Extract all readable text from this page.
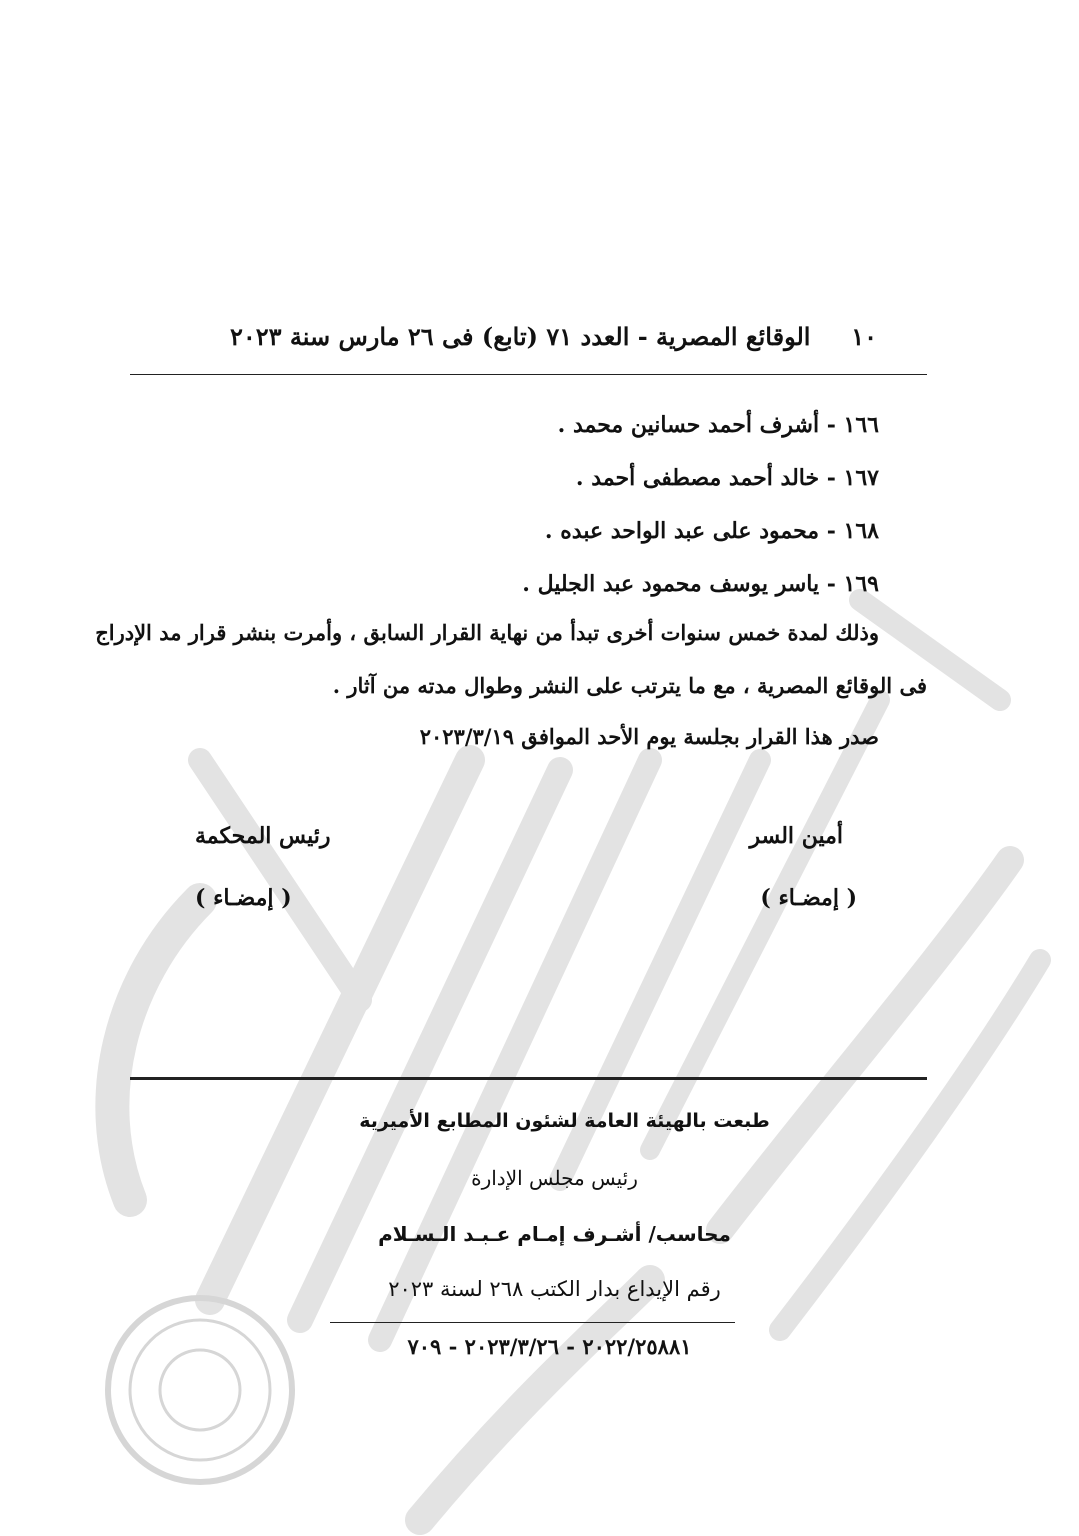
١٠
الوقائع المصرية - العدد ٧١ (تابع) فى ٢٦ مارس سنة ٢٠٢٣
١٦٦ - أشرف أحمد حسانين محمد .
١٦٧ - خالد أحمد مصطفى أحمد .
١٦٨ - محمود على عبد الواحد عبده .
١٦٩ - ياسر يوسف محمود عبد الجليل .
وذلك لمدة خمس سنوات أخرى تبدأ من نهاية القرار السابق ، وأمرت بنشر قرار مد الإدراج
فى الوقائع المصرية ، مع ما يترتب على النشر وطوال مدته من آثار .
صدر هذا القرار بجلسة يوم الأحد الموافق ٢٠٢٣/٣/١٩
أمين السر
رئيس المحكمة
( إمضـاء )
( إمضـاء )
طبعت بالهيئة العامة لشئون المطابع الأميرية
رئيس مجلس الإدارة
محاسب/ أشـرف إمـام عـبـد الـسـلام
رقم الإيداع بدار الكتب ٢٦٨ لسنة ٢٠٢٣
٢٠٢٢/٢٥٨٨١ - ٢٠٢٣/٣/٢٦ - ٧٠٩
